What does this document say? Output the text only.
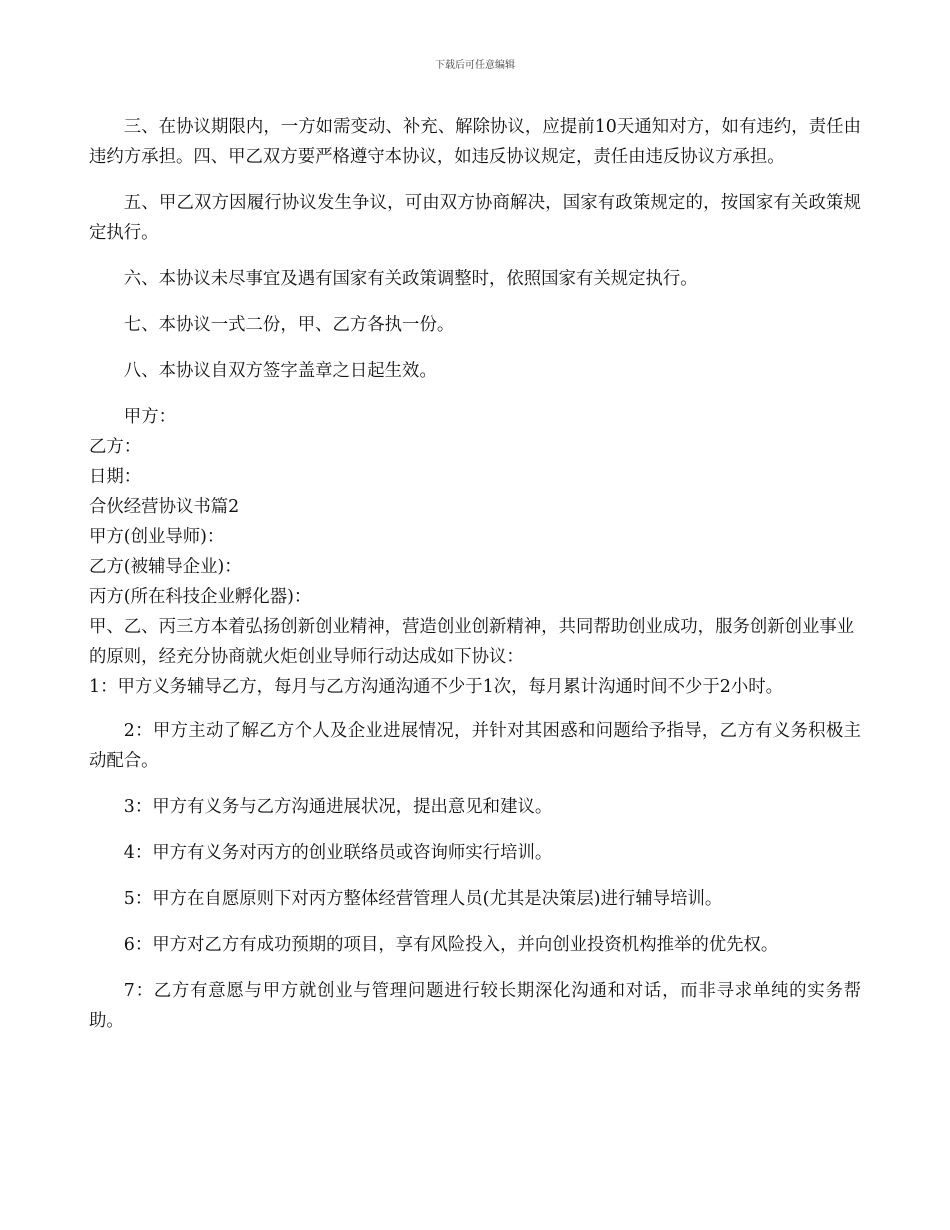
下载后可任意编辑

三、在协议期限内，一方如需变动、补充、解除协议，应提前10天通知对方，如有违约，责任由违约方承担。四、甲乙双方要严格遵守本协议，如违反协议规定，责任由违反协议方承担。

五、甲乙双方因履行协议发生争议，可由双方协商解决，国家有政策规定的，按国家有关政策规定执行。

六、本协议未尽事宜及遇有国家有关政策调整时，依照国家有关规定执行。

七、本协议一式二份，甲、乙方各执一份。

八、本协议自双方签字盖章之日起生效。

甲方：

乙方：

日期：

合伙经营协议书篇2

甲方(创业导师)：

乙方(被辅导企业)：

丙方(所在科技企业孵化器)：

甲、乙、丙三方本着弘扬创新创业精神，营造创业创新精神，共同帮助创业成功，服务创新创业事业的原则，经充分协商就火炬创业导师行动达成如下协议：

1：甲方义务辅导乙方，每月与乙方沟通沟通不少于1次，每月累计沟通时间不少于2小时。

2：甲方主动了解乙方个人及企业进展情况，并针对其困惑和问题给予指导，乙方有义务积极主动配合。

3：甲方有义务与乙方沟通进展状况，提出意见和建议。

4：甲方有义务对丙方的创业联络员或咨询师实行培训。

5：甲方在自愿原则下对丙方整体经营管理人员(尤其是决策层)进行辅导培训。

6：甲方对乙方有成功预期的项目，享有风险投入，并向创业投资机构推举的优先权。

7：乙方有意愿与甲方就创业与管理问题进行较长期深化沟通和对话，而非寻求单纯的实务帮助。
